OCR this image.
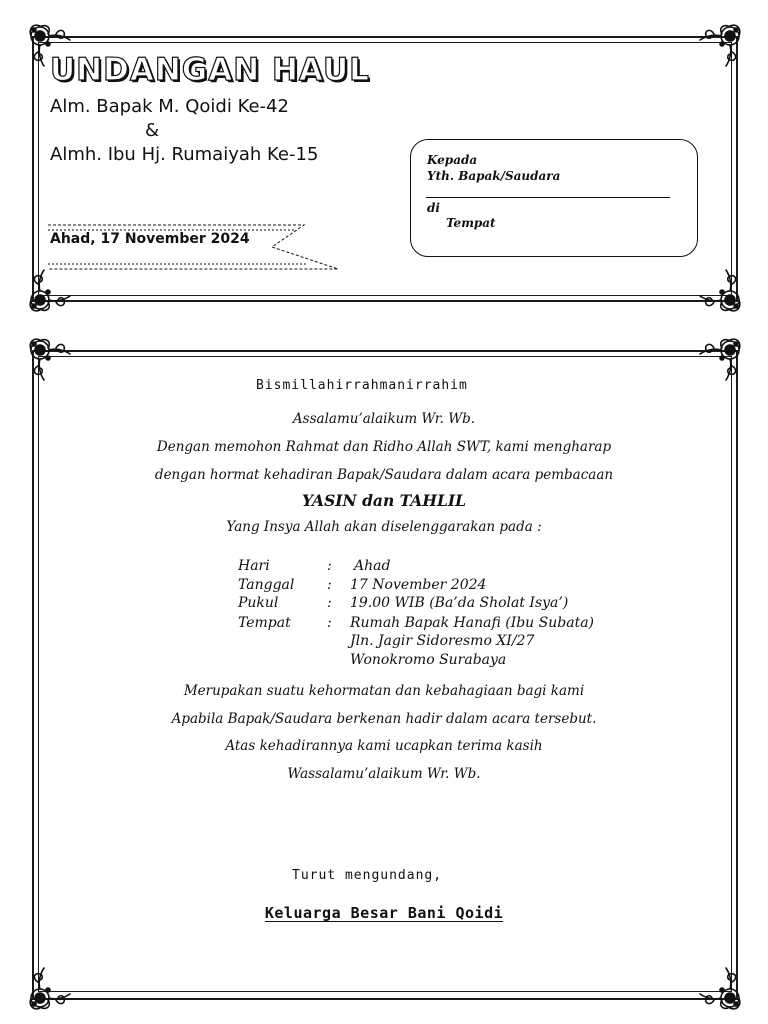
UNDANGAN HAUL
Alm. Bapak M. Qoidi Ke-42
&
Almh. Ibu Hj. Rumaiyah Ke-15
Ahad, 17 November 2024
Kepada
Yth. Bapak/Saudara
di
Tempat
Bismillahirrahmanirrahim
Assalamu’alaikum Wr. Wb.
Dengan memohon Rahmat dan Ridho Allah SWT, kami mengharap
dengan hormat kehadiran Bapak/Saudara dalam acara pembacaan
YASIN dan TAHLIL
Yang Insya Allah akan diselenggarakan pada :
Hari	: Ahad
Tanggal : 17 November 2024
Pukul	: 19.00 WIB (Ba’da Sholat Isya’)
Tempat	: Rumah Bapak Hanafi (Ibu Subata)
Jln. Jagir Sidoresmo XI/27
Wonokromo Surabaya
Merupakan suatu kehormatan dan kebahagiaan bagi kami
Apabila Bapak/Saudara berkenan hadir dalam acara tersebut.
Atas kehadirannya kami ucapkan terima kasih
Wassalamu’alaikum Wr. Wb.
Turut mengundang,
Keluarga Besar Bani Qoidi
